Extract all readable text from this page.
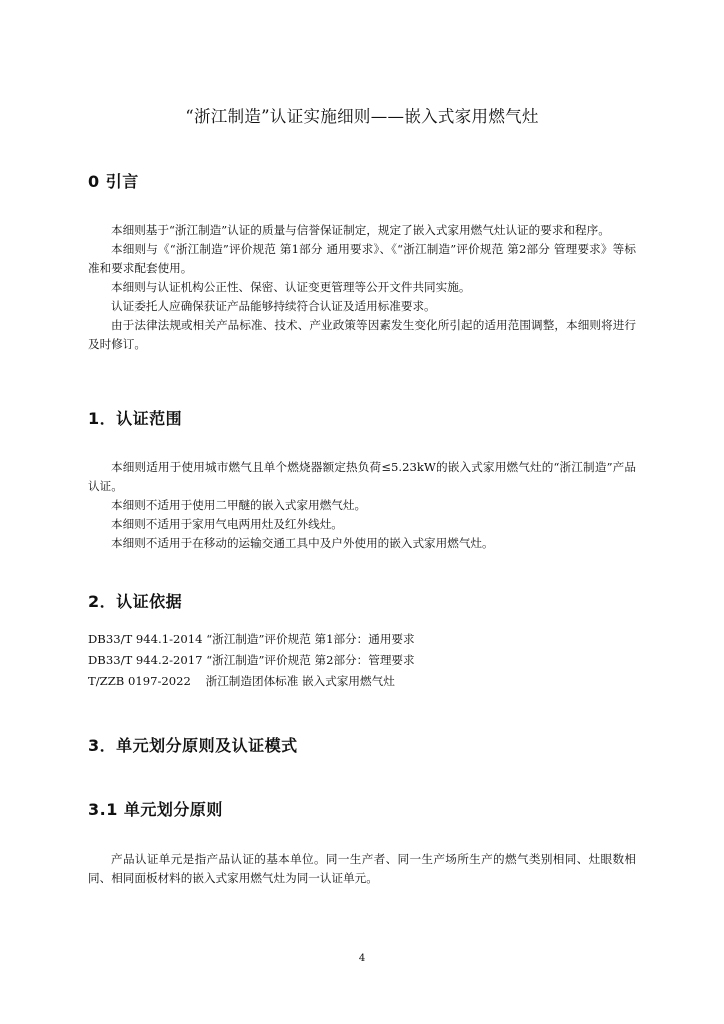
“浙江制造”认证实施细则——嵌入式家用燃气灶
0 引言

本细则基于“浙江制造”认证的质量与信誉保证制定，规定了嵌入式家用燃气灶认证的要求和程序。

本细则与《“浙江制造”评价规范 第1部分 通用要求》、《“浙江制造”评价规范 第2部分 管理要求》等标准和要求配套使用。

本细则与认证机构公正性、保密、认证变更管理等公开文件共同实施。

认证委托人应确保获证产品能够持续符合认证及适用标准要求。

由于法律法规或相关产品标准、技术、产业政策等因素发生变化所引起的适用范围调整，本细则将进行及时修订。

1．认证范围

本细则适用于使用城市燃气且单个燃烧器额定热负荷≤5.23kW的嵌入式家用燃气灶的“浙江制造”产品认证。

本细则不适用于使用二甲醚的嵌入式家用燃气灶。

本细则不适用于家用气电两用灶及红外线灶。

本细则不适用于在移动的运输交通工具中及户外使用的嵌入式家用燃气灶。

2．认证依据
DB33/T 944.1-2014 “浙江制造”评价规范 第1部分：通用要求
DB33/T 944.2-2017 “浙江制造”评价规范 第2部分：管理要求
T/ZZB 0197-2022    浙江制造团体标准 嵌入式家用燃气灶
3．单元划分原则及认证模式
3.1 单元划分原则

产品认证单元是指产品认证的基本单位。同一生产者、同一生产场所生产的燃气类别相同、灶眼数相同、相同面板材料的嵌入式家用燃气灶为同一认证单元。

4
